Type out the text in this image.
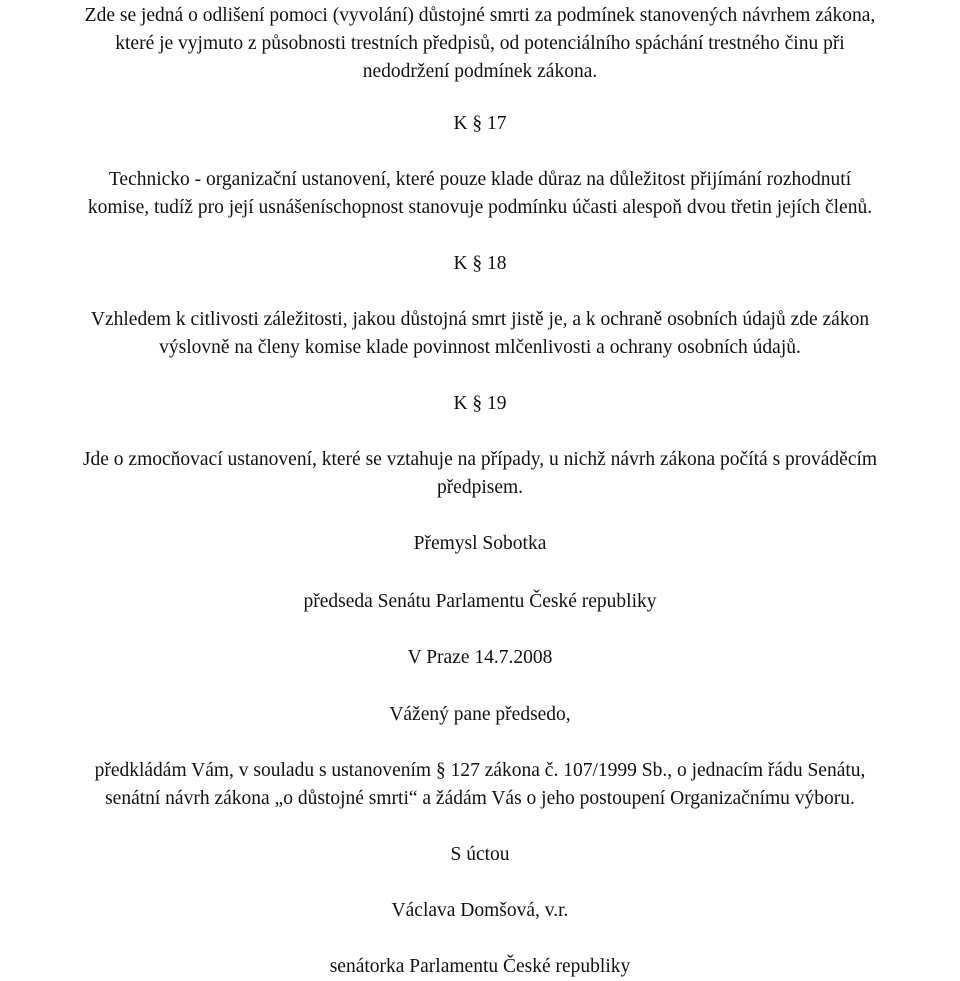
Zde se jedná o odlišení pomoci (vyvolání) důstojné smrti za podmínek stanovených návrhem zákona,
které je vyjmuto z působnosti trestních předpisů, od potenciálního spáchání trestného činu při
nedodržení podmínek zákona.
K § 17
Technicko - organizační ustanovení, které pouze klade důraz na důležitost přijímání rozhodnutí
komise, tudíž pro její usnášeníschopnost stanovuje podmínku účasti alespoň dvou třetin jejích členů.
K § 18
Vzhledem k citlivosti záležitosti, jakou důstojná smrt jistě je, a k ochraně osobních údajů zde zákon
výslovně na členy komise klade povinnost mlčenlivosti a ochrany osobních údajů.
K § 19
Jde o zmocňovací ustanovení, které se vztahuje na případy, u nichž návrh zákona počítá s prováděcím
předpisem.
Přemysl Sobotka
předseda Senátu Parlamentu České republiky
V Praze 14.7.2008
Vážený pane předsedo,
předkládám Vám, v souladu s ustanovením § 127 zákona č. 107/1999 Sb., o jednacím řádu Senátu,
senátní návrh zákona „o důstojné smrti“ a žádám Vás o jeho postoupení Organizačnímu výboru.
S úctou
Václava Domšová, v.r.
senátorka Parlamentu České republiky
